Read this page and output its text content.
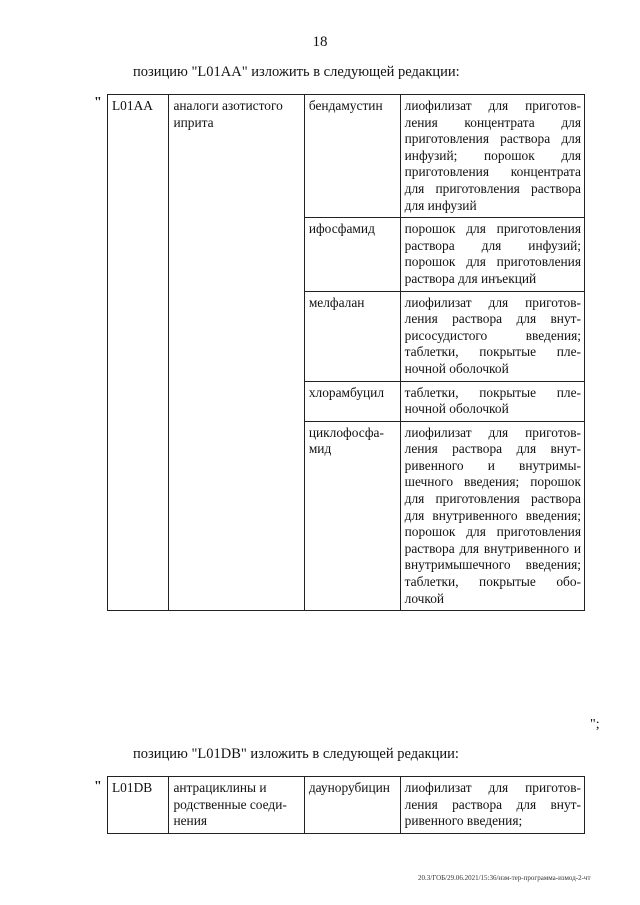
18
позицию "L01AA" изложить в следующей редакции:
" L01AA	аналоги азотистого иприта	бендамустин	лиофилизат для приготовления концентрата для приготовления раствора для инфузий; порошок для приготовления концентрата для приготовления раствора для инфузий
		ифосфамид	порошок для приготовления раствора для инфузий; порошок для приготовления раствора для инъекций
		мелфалан	лиофилизат для приготовления раствора для внутрисосудистого введения; таблетки, покрытые пленочной оболочкой
		хлорамбуцил	таблетки, покрытые пленочной оболочкой
		циклофосфамид	лиофилизат для приготовления раствора для внутривенного и внутримышечного введения; порошок для приготовления раствора для внутривенного введения; порошок для приготовления раствора для внутривенного и внутримышечного введения; таблетки, покрытые оболочкой
";
позицию "L01DB" изложить в следующей редакции:
" L01DB	антрациклины и родственные соединения	даунорубицин	лиофилизат для приготовления раствора для внутривенного введения;
20.3/ГОБ/29.06.2021/15:36/изм-тер-программа-измод-2-чт
